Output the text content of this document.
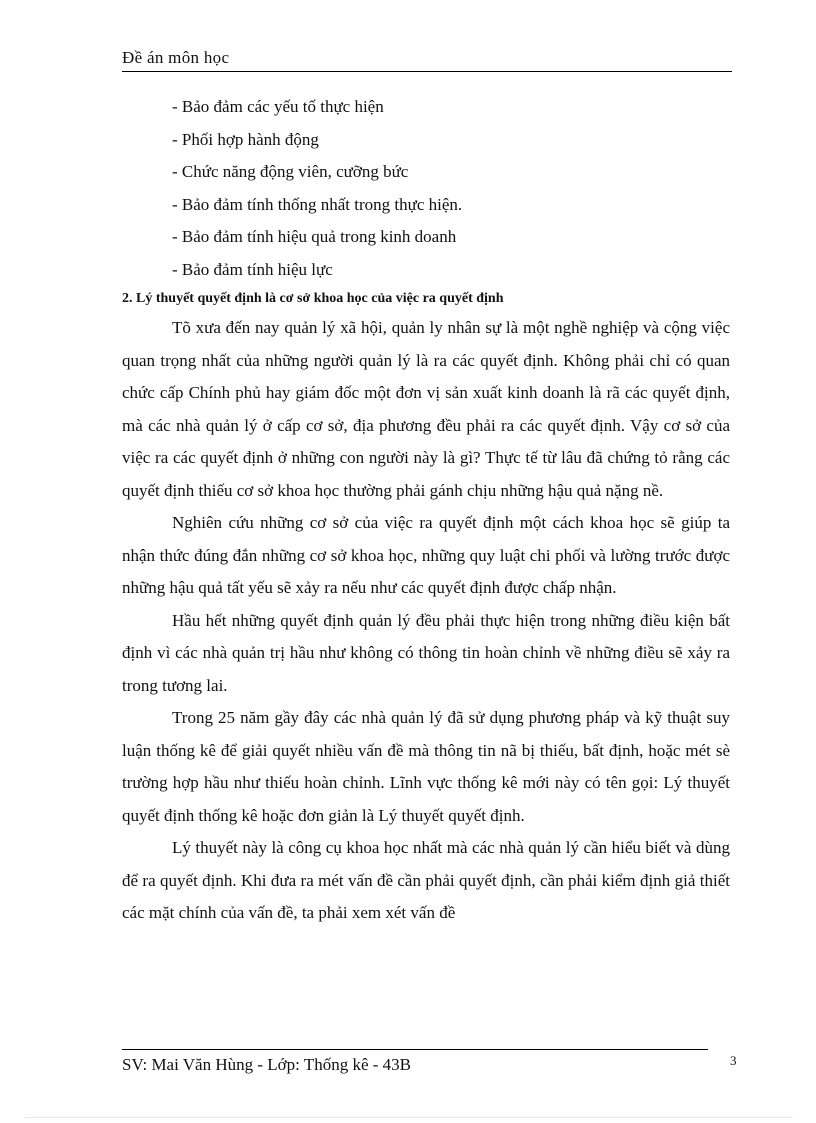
Đề án môn học
- Bảo đảm các yếu tố thực hiện
- Phối hợp hành động
- Chức năng động viên, cưỡng bức
- Bảo đảm tính thống nhất trong thực hiện.
- Bảo đảm tính hiệu quả trong kinh doanh
- Bảo đảm tính hiệu lực
2. Lý thuyết quyết định là cơ sở khoa học của việc ra quyết định

Tõ xưa đến nay quản lý xã hội, quản ly nhân sự là một nghề nghiệp và cộng việc quan trọng nhất của những người quản lý là ra các quyết định. Không phải chỉ có quan chức cấp Chính phủ hay giám đốc một đơn vị sản xuất kinh doanh là rã các quyết định, mà các nhà quản lý ở cấp cơ sở, địa phương đều phải ra các quyết định. Vậy cơ sở của việc ra các quyết định ở những con người này là gì? Thực tế từ lâu đã chứng tỏ rằng các quyết định thiếu cơ sở khoa học thường phải gánh chịu những hậu quả nặng nề.

Nghiên cứu những cơ sở của việc ra quyết định một cách khoa học sẽ giúp ta nhận thức đúng đắn những cơ sở khoa học, những quy luật chi phối và lường trước được những hậu quả tất yếu sẽ xảy ra nếu như các quyết định được chấp nhận.

Hầu hết những quyết định quản lý đều phải thực hiện trong những điều kiện bất định vì các nhà quản trị hầu như không có thông tin hoàn chỉnh về những điều sẽ xảy ra trong tương lai.

Trong 25 năm gầy đây các nhà quản lý đã sử dụng phương pháp và kỹ thuật suy luận thống kê để giải quyết nhiều vấn đề mà thông tin nã bị thiếu, bất định, hoặc mét sè trường hợp hầu như thiếu hoàn chỉnh. Lĩnh vực thống kê mới này có tên gọi: Lý thuyết quyết định thống kê hoặc đơn giản là Lý thuyết quyết định.

Lý thuyết này là công cụ khoa học nhất mà các nhà quản lý cần hiểu biết và dùng để ra quyết định. Khi đưa ra mét vấn đề cần phải quyết định, cần phải kiểm định giả thiết các mặt chính của vấn đề, ta phải xem xét vấn đề

SV: Mai Văn Hùng - Lớp: Thống kê - 43B	3
